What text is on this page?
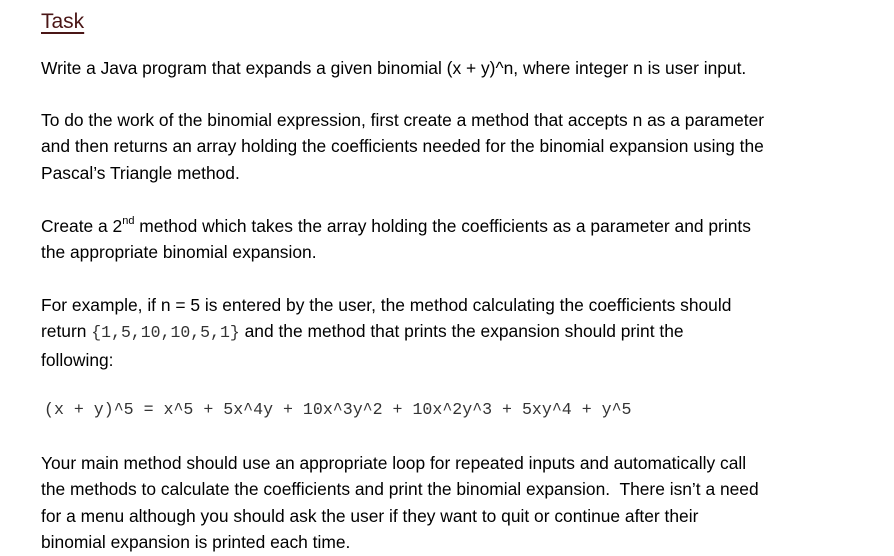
Task

Write a Java program that expands a given binomial (x + y)^n, where integer n is user input.

To do the work of the binomial expression, first create a method that accepts n as a parameter
and then returns an array holding the coefficients needed for the binomial expansion using the
Pascal’s Triangle method.

Create a 2nd method which takes the array holding the coefficients as a parameter and prints
the appropriate binomial expansion.

For example, if n = 5 is entered by the user, the method calculating the coefficients should
return {1,5,10,10,5,1} and the method that prints the expansion should print the
following:

(x + y)^5 = x^5 + 5x^4y + 10x^3y^2 + 10x^2y^3 + 5xy^4 + y^5

Your main method should use an appropriate loop for repeated inputs and automatically call
the methods to calculate the coefficients and print the binomial expansion.  There isn’t a need
for a menu although you should ask the user if they want to quit or continue after their
binomial expansion is printed each time.
